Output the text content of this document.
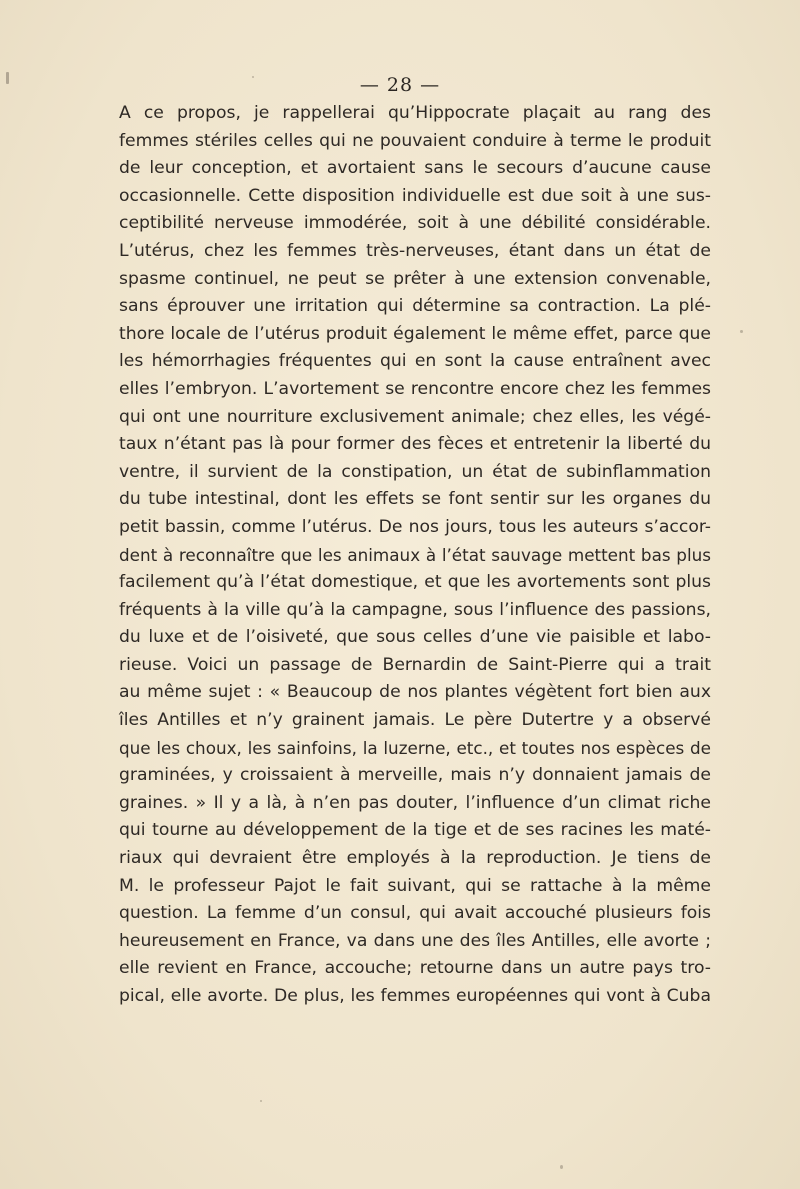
— 28 —
A ce propos, je rappellerai qu’Hippocrate plaçait au rang des
femmes stériles celles qui ne pouvaient conduire à terme le produit
de leur conception, et avortaient sans le secours d’aucune cause
occasionnelle. Cette disposition individuelle est due soit à une sus-
ceptibilité nerveuse immodérée, soit à une débilité considérable.
L’utérus, chez les femmes très-nerveuses, étant dans un état de
spasme continuel, ne peut se prêter à une extension convenable,
sans éprouver une irritation qui détermine sa contraction. La plé-
thore locale de l’utérus produit également le même effet, parce que
les hémorrhagies fréquentes qui en sont la cause entraînent avec
elles l’embryon. L’avortement se rencontre encore chez les femmes
qui ont une nourriture exclusivement animale; chez elles, les végé-
taux n’étant pas là pour former des fèces et entretenir la liberté du
ventre, il survient de la constipation, un état de subinflammation
du tube intestinal, dont les effets se font sentir sur les organes du
petit bassin, comme l’utérus. De nos jours, tous les auteurs s’accor-
dent à reconnaître que les animaux à l’état sauvage mettent bas plus
facilement qu’à l’état domestique, et que les avortements sont plus
fréquents à la ville qu’à la campagne, sous l’influence des passions,
du luxe et de l’oisiveté, que sous celles d’une vie paisible et labo-
rieuse. Voici un passage de Bernardin de Saint-Pierre qui a trait
au même sujet : « Beaucoup de nos plantes végètent fort bien aux
îles Antilles et n’y grainent jamais. Le père Dutertre y a observé
que les choux, les sainfoins, la luzerne, etc., et toutes nos espèces de
graminées, y croissaient à merveille, mais n’y donnaient jamais de
graines. » Il y a là, à n’en pas douter, l’influence d’un climat riche
qui tourne au développement de la tige et de ses racines les maté-
riaux qui devraient être employés à la reproduction. Je tiens de
M. le professeur Pajot le fait suivant, qui se rattache à la même
question. La femme d’un consul, qui avait accouché plusieurs fois
heureusement en France, va dans une des îles Antilles, elle avorte ;
elle revient en France, accouche; retourne dans un autre pays tro-
pical, elle avorte. De plus, les femmes européennes qui vont à Cuba
